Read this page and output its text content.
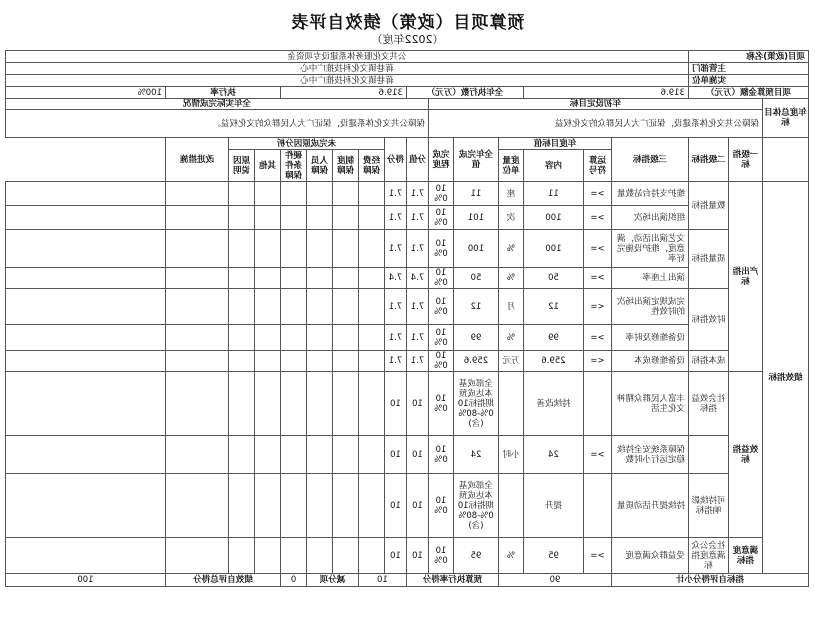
预算项目（政策）绩效自评表
（2022年度）
项目(政策)名称			公共文化服务体系建设专项资金															
主管部门			蒋巷镇文化科技推广中心															
实施单位			蒋巷镇文化科技推广中心															
项目预算金额（万元）			319.6			全年执行数（万元）				319.6					执行率			100%
年度总体目标	年初设定目标								全年实际完成情况									
	保障公共文化体系建设，保证广大人民群众的文化权益								保障公共文化体系建设，保证广大人民群众的文化权益。									
	一级指标	二级指标	三级指标	年度目标值			全年完成值	完成程度	分值	得分	未完成原因分析						改进措施	
				运算符号	内容	度量单位					经费保障	制度保障	人员保障	硬件条件保障	其他	原因说明		

绩效指标	产出指标	数量指标	维护支持台站数量	>=	11	座	11	100%	7.1	7.1								
			组织演出场次	>=	100	次	101	100%	7.1	7.1								
		质量指标	文艺演出活动，满意度，维护设施完好率	>=	100	%	100	100%	7.1	7.1								
			演出上座率	>=	50	%	50	100%	7.4	7.4								
		时效指标	完成规定演出场次的时效性	<=	12	月	12	100%	7.1	7.1								
			设备维修及时率	>=	99	%	99	100%	7.1	7.1								
		成本指标	设备维修成本	<=	259.6	万元	259.6	100%	7.1	7.1								
	效益指标	社会效益指标	丰富人民群众精神文化生活		持续改善		全部或基本达成预期指标100%-80%(含)	100%	10	10								
			保障系统安全持续稳定运行小时数	>=	24	小时	24	100%	10	10								
		可持续影响指标	持续提升活动质量		提升		全部或基本达成预期指标100%-80%(含)	100%	10	10								
	满意度指标	社会公众满意度指标	受益群众满意度	>=	95	%	95	100%	10	10								
指标自评得分小计				90			预算执行率得分			10		减分项		0	绩效自评总得分			100
